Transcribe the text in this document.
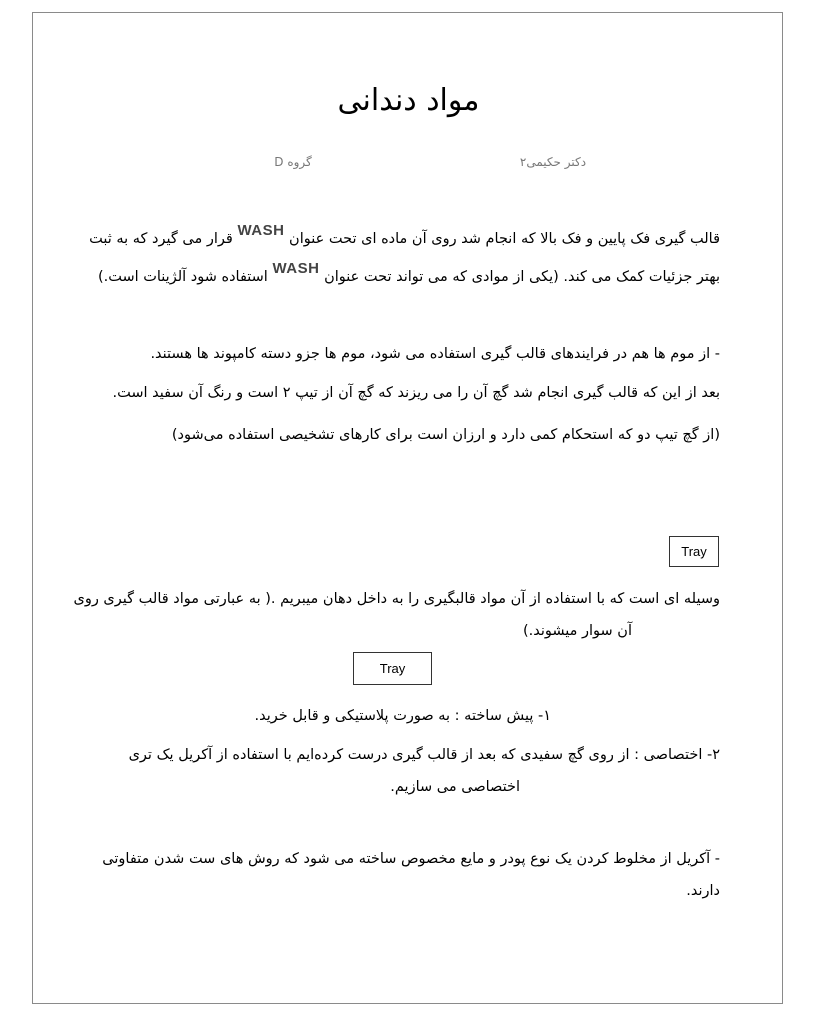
مواد دندانی
دکتر حکیمی۲
گروه D
قالب گیری فک پایین و فک بالا که انجام شد روی آن ماده ای تحت عنوان WASH قرار می گیرد که به ثبت
بهتر جزئیات کمک می کند. (یکی از موادی که می تواند تحت عنوان WASH استفاده شود آلژینات است.)
- از موم ها هم در فرایندهای قالب گیری استفاده می شود، موم ها جزو دسته کامپوند ها هستند.
بعد از این که قالب گیری انجام شد گچ آن را می ریزند که گچ آن از تیپ ۲ است و رنگ آن سفید است.
(از گچ تیپ دو که استحکام کمی دارد و ارزان است برای کارهای تشخیصی استفاده می‌شود)
Tray
وسیله ای است که با استفاده از آن مواد قالبگیری را به داخل دهان میبریم .( به عبارتی مواد قالب گیری روی
آن سوار میشوند.)
Tray
۱- پیش ساخته : به صورت پلاستیکی و قابل خرید.
۲- اختصاصی : از روی گچ سفیدی که بعد از قالب گیری درست کرده‌ایم با استفاده از آکریل یک تری
اختصاصی می سازیم.
- آکریل از مخلوط کردن یک نوع پودر و مایع مخصوص ساخته می شود که روش های ست شدن متفاوتی
دارند.
